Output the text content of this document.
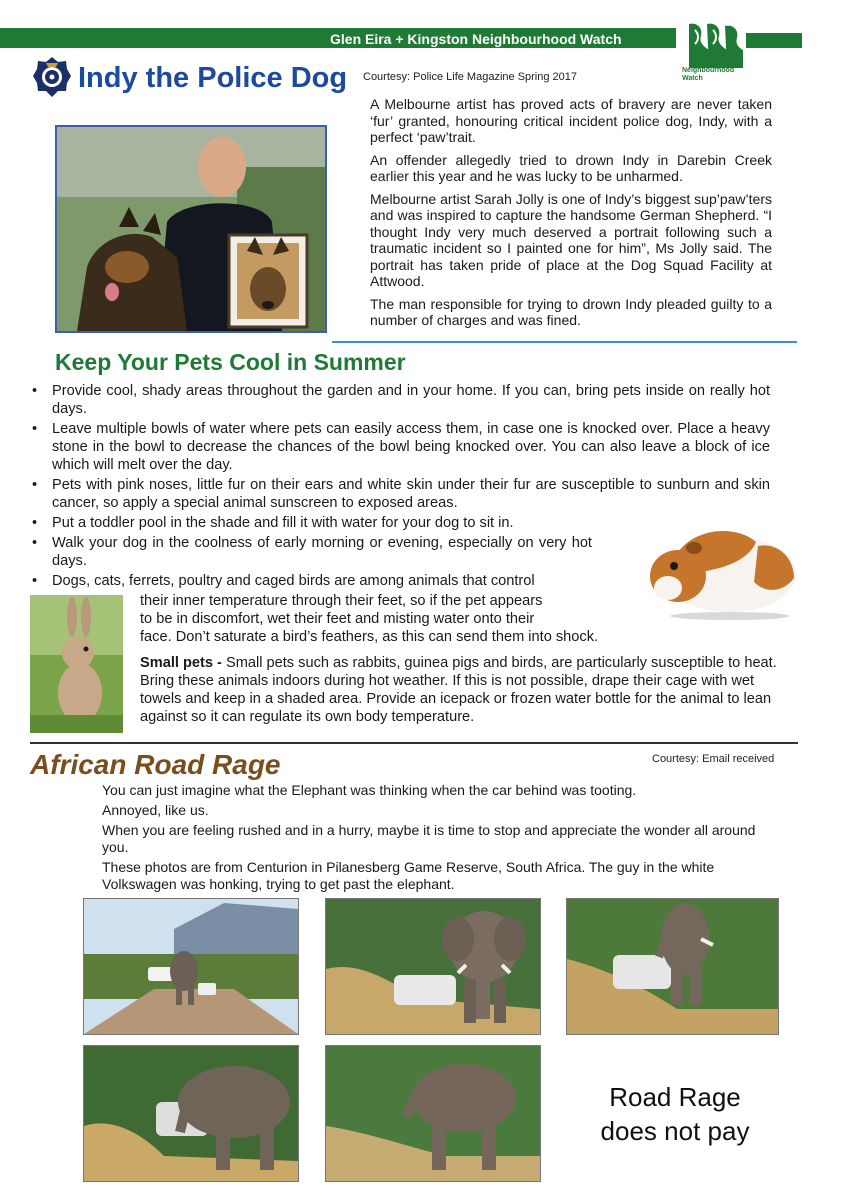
Glen Eira + Kingston Neighbourhood Watch
Neighbourhood Watch
Indy the Police Dog Courtesy: Police Life Magazine Spring 2017

A Melbourne artist has proved acts of bravery are never taken ‘fur’ granted, honouring critical incident police dog, Indy, with a perfect ‘paw’trait.

An offender allegedly tried to drown Indy in Darebin Creek earlier this year and he was lucky to be unharmed.

Melbourne artist Sarah Jolly is one of Indy’s biggest sup’paw’ters and was inspired to capture the handsome German Shepherd. “I thought Indy very much deserved a portrait following such a traumatic incident so I painted one for him”, Ms Jolly said. The portrait has taken pride of place at the Dog Squad Facility at Attwood.

The man responsible for trying to drown Indy pleaded guilty to a number of charges and was fined.

Keep Your Pets Cool in Summer
• Provide cool, shady areas throughout the garden and in your home. If you can, bring pets inside on really hot days.
• Leave multiple bowls of water where pets can easily access them, in case one is knocked over. Place a heavy stone in the bowl to decrease the chances of the bowl being knocked over. You can also leave a block of ice which will melt over the day.
• Pets with pink noses, little fur on their ears and white skin under their fur are susceptible to sunburn and skin cancer, so apply a special animal sunscreen to exposed areas.
• Put a toddler pool in the shade and fill it with water for your dog to sit in.
• Walk your dog in the coolness of early morning or evening, especially on very hot days.
• Dogs, cats, ferrets, poultry and caged birds are among animals that control
their inner temperature through their feet, so if the pet appears
to be in discomfort, wet their feet and misting water onto their
face. Don’t saturate a bird’s feathers, as this can send them into shock.
Small pets - Small pets such as rabbits, guinea pigs and birds, are particularly susceptible to heat. Bring these animals indoors during hot weather. If this is not possible, drape their cage with wet towels and keep in a shaded area. Provide an icepack or frozen water bottle for the animal to lean against so it can regulate its own body temperature.
African Road Rage	Courtesy: Email received

You can just imagine what the Elephant was thinking when the car behind was tooting.

Annoyed, like us.

When you are feeling rushed and in a hurry, maybe it is time to stop and appreciate the wonder all around you.

These photos are from Centurion in Pilanesberg Game Reserve, South Africa. The guy in the white Volkswagen was honking, trying to get past the elephant.

Road Rage
does not pay
